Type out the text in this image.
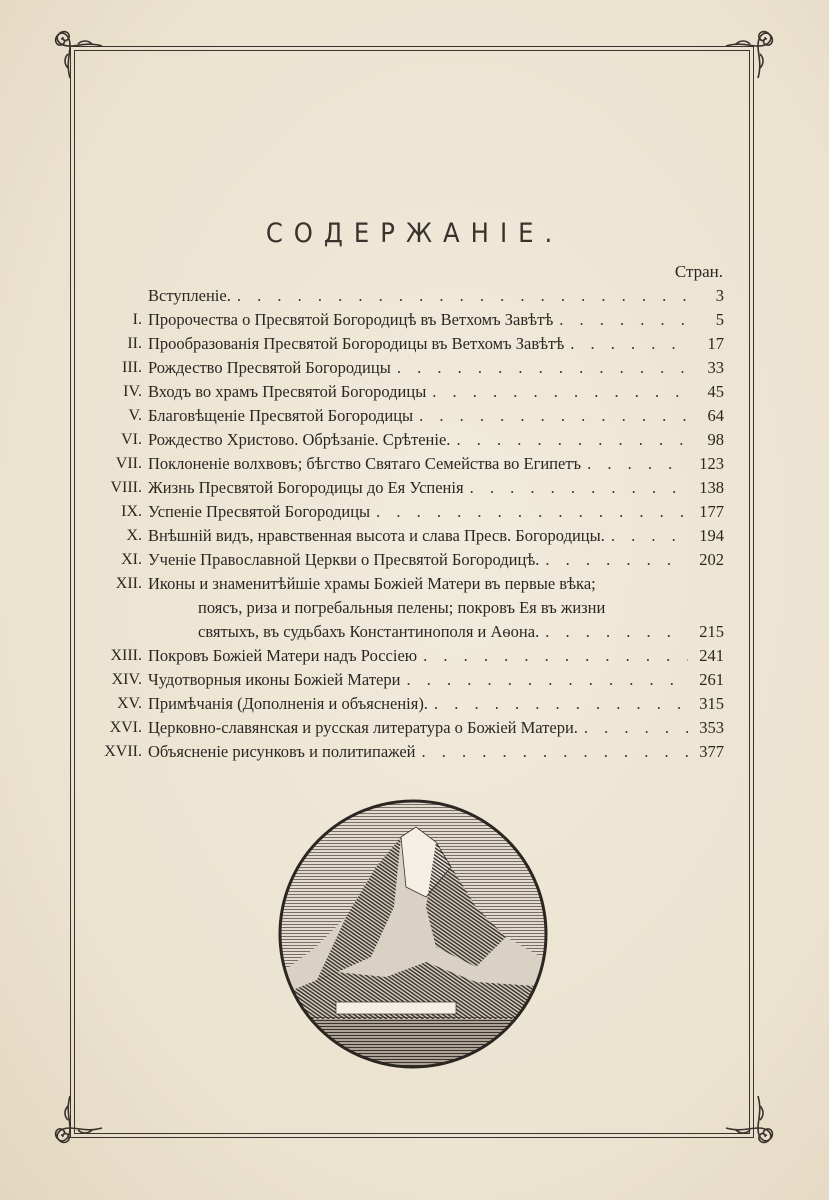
СОДЕРЖАНІЕ.
Стран.
Вступленіе. . . .	3
I. Пророчества о Пресвятой Богородицѣ въ Ветхомъ Завѣтѣ . . .	5
II. Прообразованія Пресвятой Богородицы въ Ветхомъ Завѣтѣ . . .	17
III. Рождество Пресвятой Богородицы . . .	33
IV. Входъ во храмъ Пресвятой Богородицы . . .	45
V. Благовѣщеніе Пресвятой Богородицы . . .	64
VI. Рождество Христово. Обрѣзаніе. Срѣтеніе. . . .	98
VII. Поклоненіе волхвовъ; бѣгство Святаго Семейства во Египетъ . . .	123
VIII. Жизнь Пресвятой Богородицы до Ея Успенія . . .	138
IX. Успеніе Пресвятой Богородицы . . .	177
X. Внѣшній видъ, нравственная высота и слава Пресв. Богородицы. . . .	194
XI. Ученіе Православной Церкви о Пресвятой Богородицѣ. . . .	202
XII. Иконы и знаменитѣйшіе храмы Божіей Матери въ первые вѣка;
поясъ, риза и погребальныя пелены; покровъ Ея въ жизни
святыхъ, въ судьбахъ Константинополя и Аѳона. . . .	215
XIII. Покровъ Божіей Матери надъ Россіею . . .	241
XIV. Чудотворныя иконы Божіей Матери . . .	261
XV. Примѣчанія (Дополненія и объясненія). . . .	315
XVI. Церковно-славянская и русская литература о Божіей Матери. . . .	353
XVII. Объясненіе рисунковъ и политипажей . . .	377
